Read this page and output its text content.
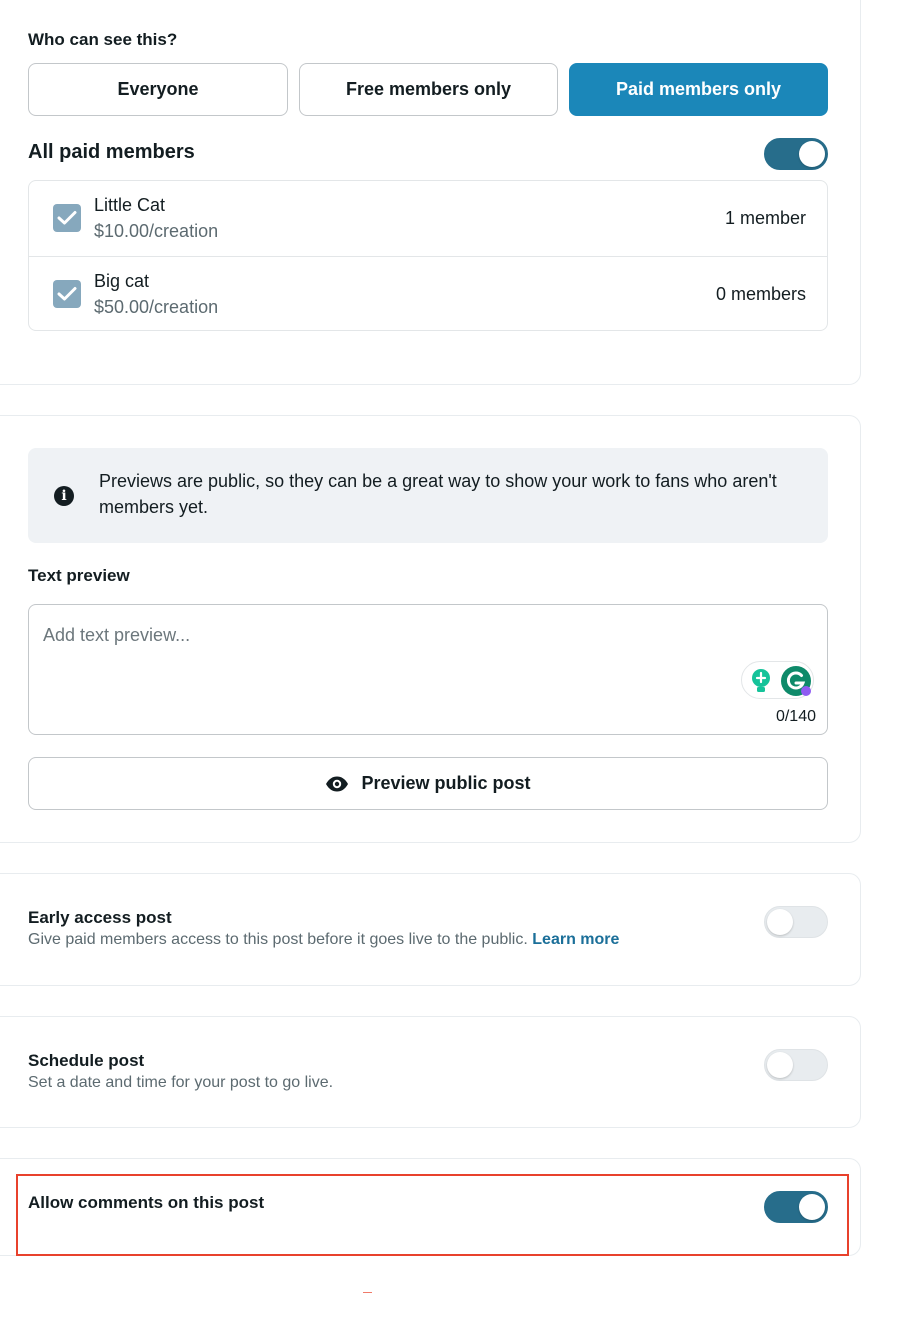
Who can see this?
Everyone	Free members only	Paid members only
All paid members
Little Cat
$10.00/creation
1 member
Big cat
$50.00/creation
0 members
i
Previews are public, so they can be a great way to show your work to fans who aren't members yet.
Text preview
Add text preview...
0/140
Preview public post
Early access post
Give paid members access to this post before it goes live to the public. Learn more
Schedule post
Set a date and time for your post to go live.
Allow comments on this post
